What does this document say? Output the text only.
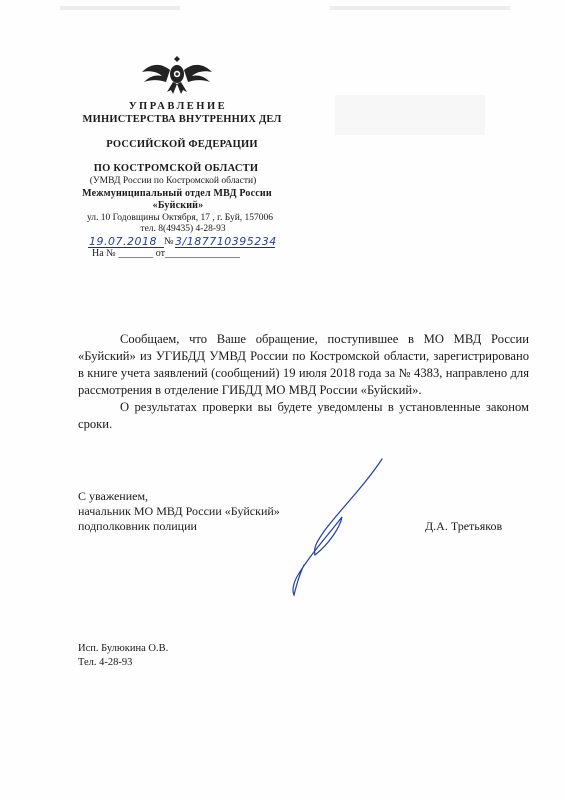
УПРАВЛЕНИЕ
МИНИСТЕРСТВА ВНУТРЕННИХ ДЕЛ
РОССИЙСКОЙ ФЕДЕРАЦИИ
ПО КОСТРОМСКОЙ ОБЛАСТИ
(УМВД России по Костромской области)
Межмуниципальный отдел МВД России
«Буйский»
ул. 10 Годовщины Октября, 17 , г. Буй, 157006
тел. 8(49435) 4-28-93
19.07.2018 № 3/187710395234
На № _______ от_______________

Сообщаем, что Ваше обращение, поступившее в МО МВД России «Буйский» из УГИБДД УМВД России по Костромской области, зарегистрировано в книге учета заявлений (сообщений) 19 июля 2018 года за № 4383, направлено для рассмотрения в отделение ГИБДД МО МВД России «Буйский».

О результатах проверки вы будете уведомлены в установленные законом сроки.

С уважением,
начальник МО МВД России «Буйский»
подполковник полиции	Д.А. Третьяков
Исп. Булюкина О.В.
Тел. 4-28-93
